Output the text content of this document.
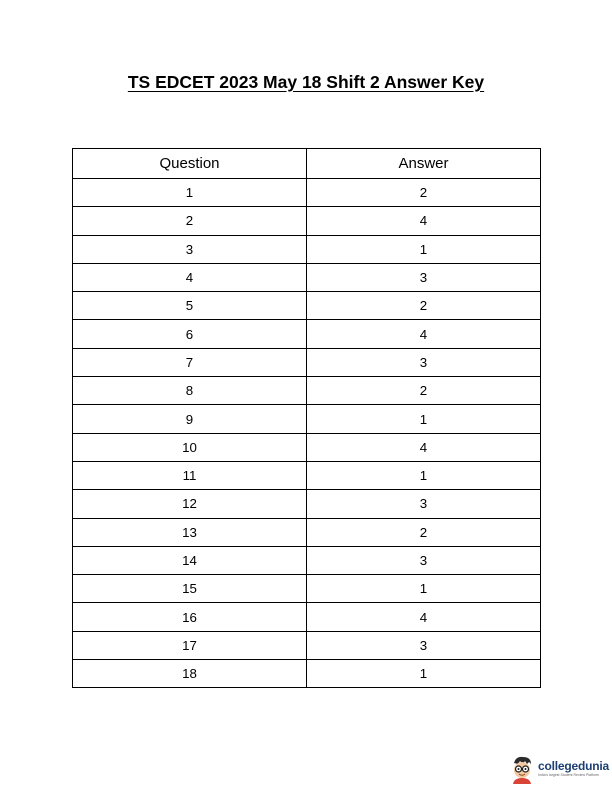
TS EDCET 2023 May 18 Shift 2 Answer Key
Question	Answer
1	2
2	4
3	1
4	3
5	2
6	4
7	3
8	2
9	1
10	4
11	1
12	3
13	2
14	3
15	1
16	4
17	3
18	1
collegedunia
India's largest Student Review Platform
